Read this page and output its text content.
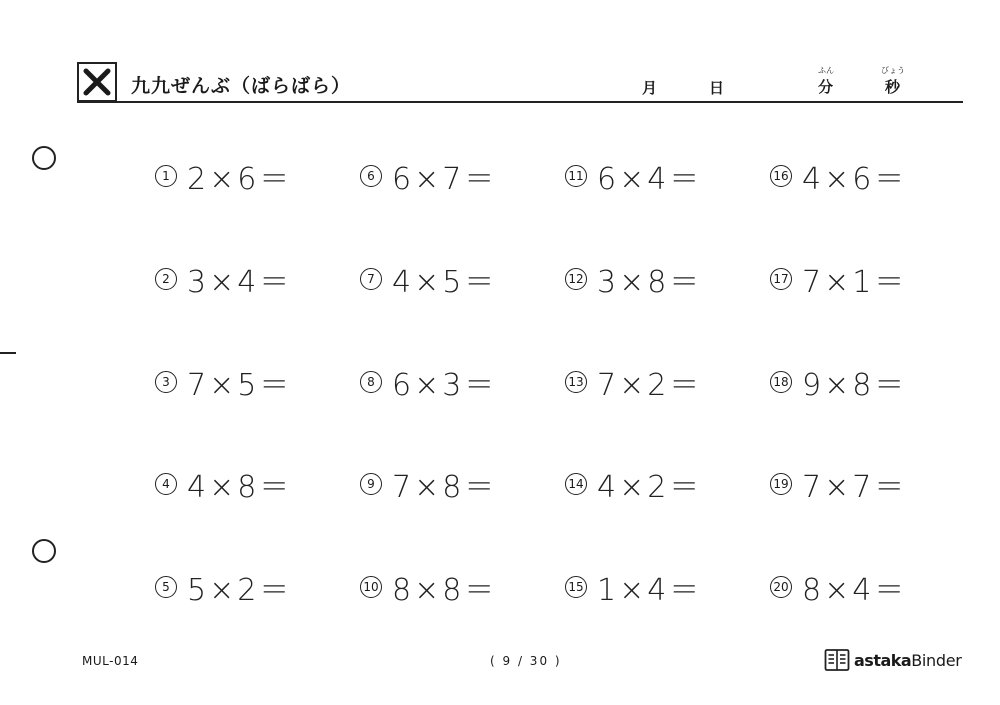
九九ぜんぶ（ばらばら）	月	日
ふん
分
びょう
秒
1 2×6＝
2 3×4＝
3 7×5＝
4 4×8＝
5 5×2＝
6 6×7＝
7 4×5＝
8 6×3＝
9 7×8＝
10 8×8＝
11 6×4＝
12 3×8＝
13 7×2＝
14 4×2＝
15 1×4＝
16 4×6＝
17 7×1＝
18 9×8＝
19 7×7＝
20 8×4＝
MUL-014	( 9 / 30 )	astaka Binder
